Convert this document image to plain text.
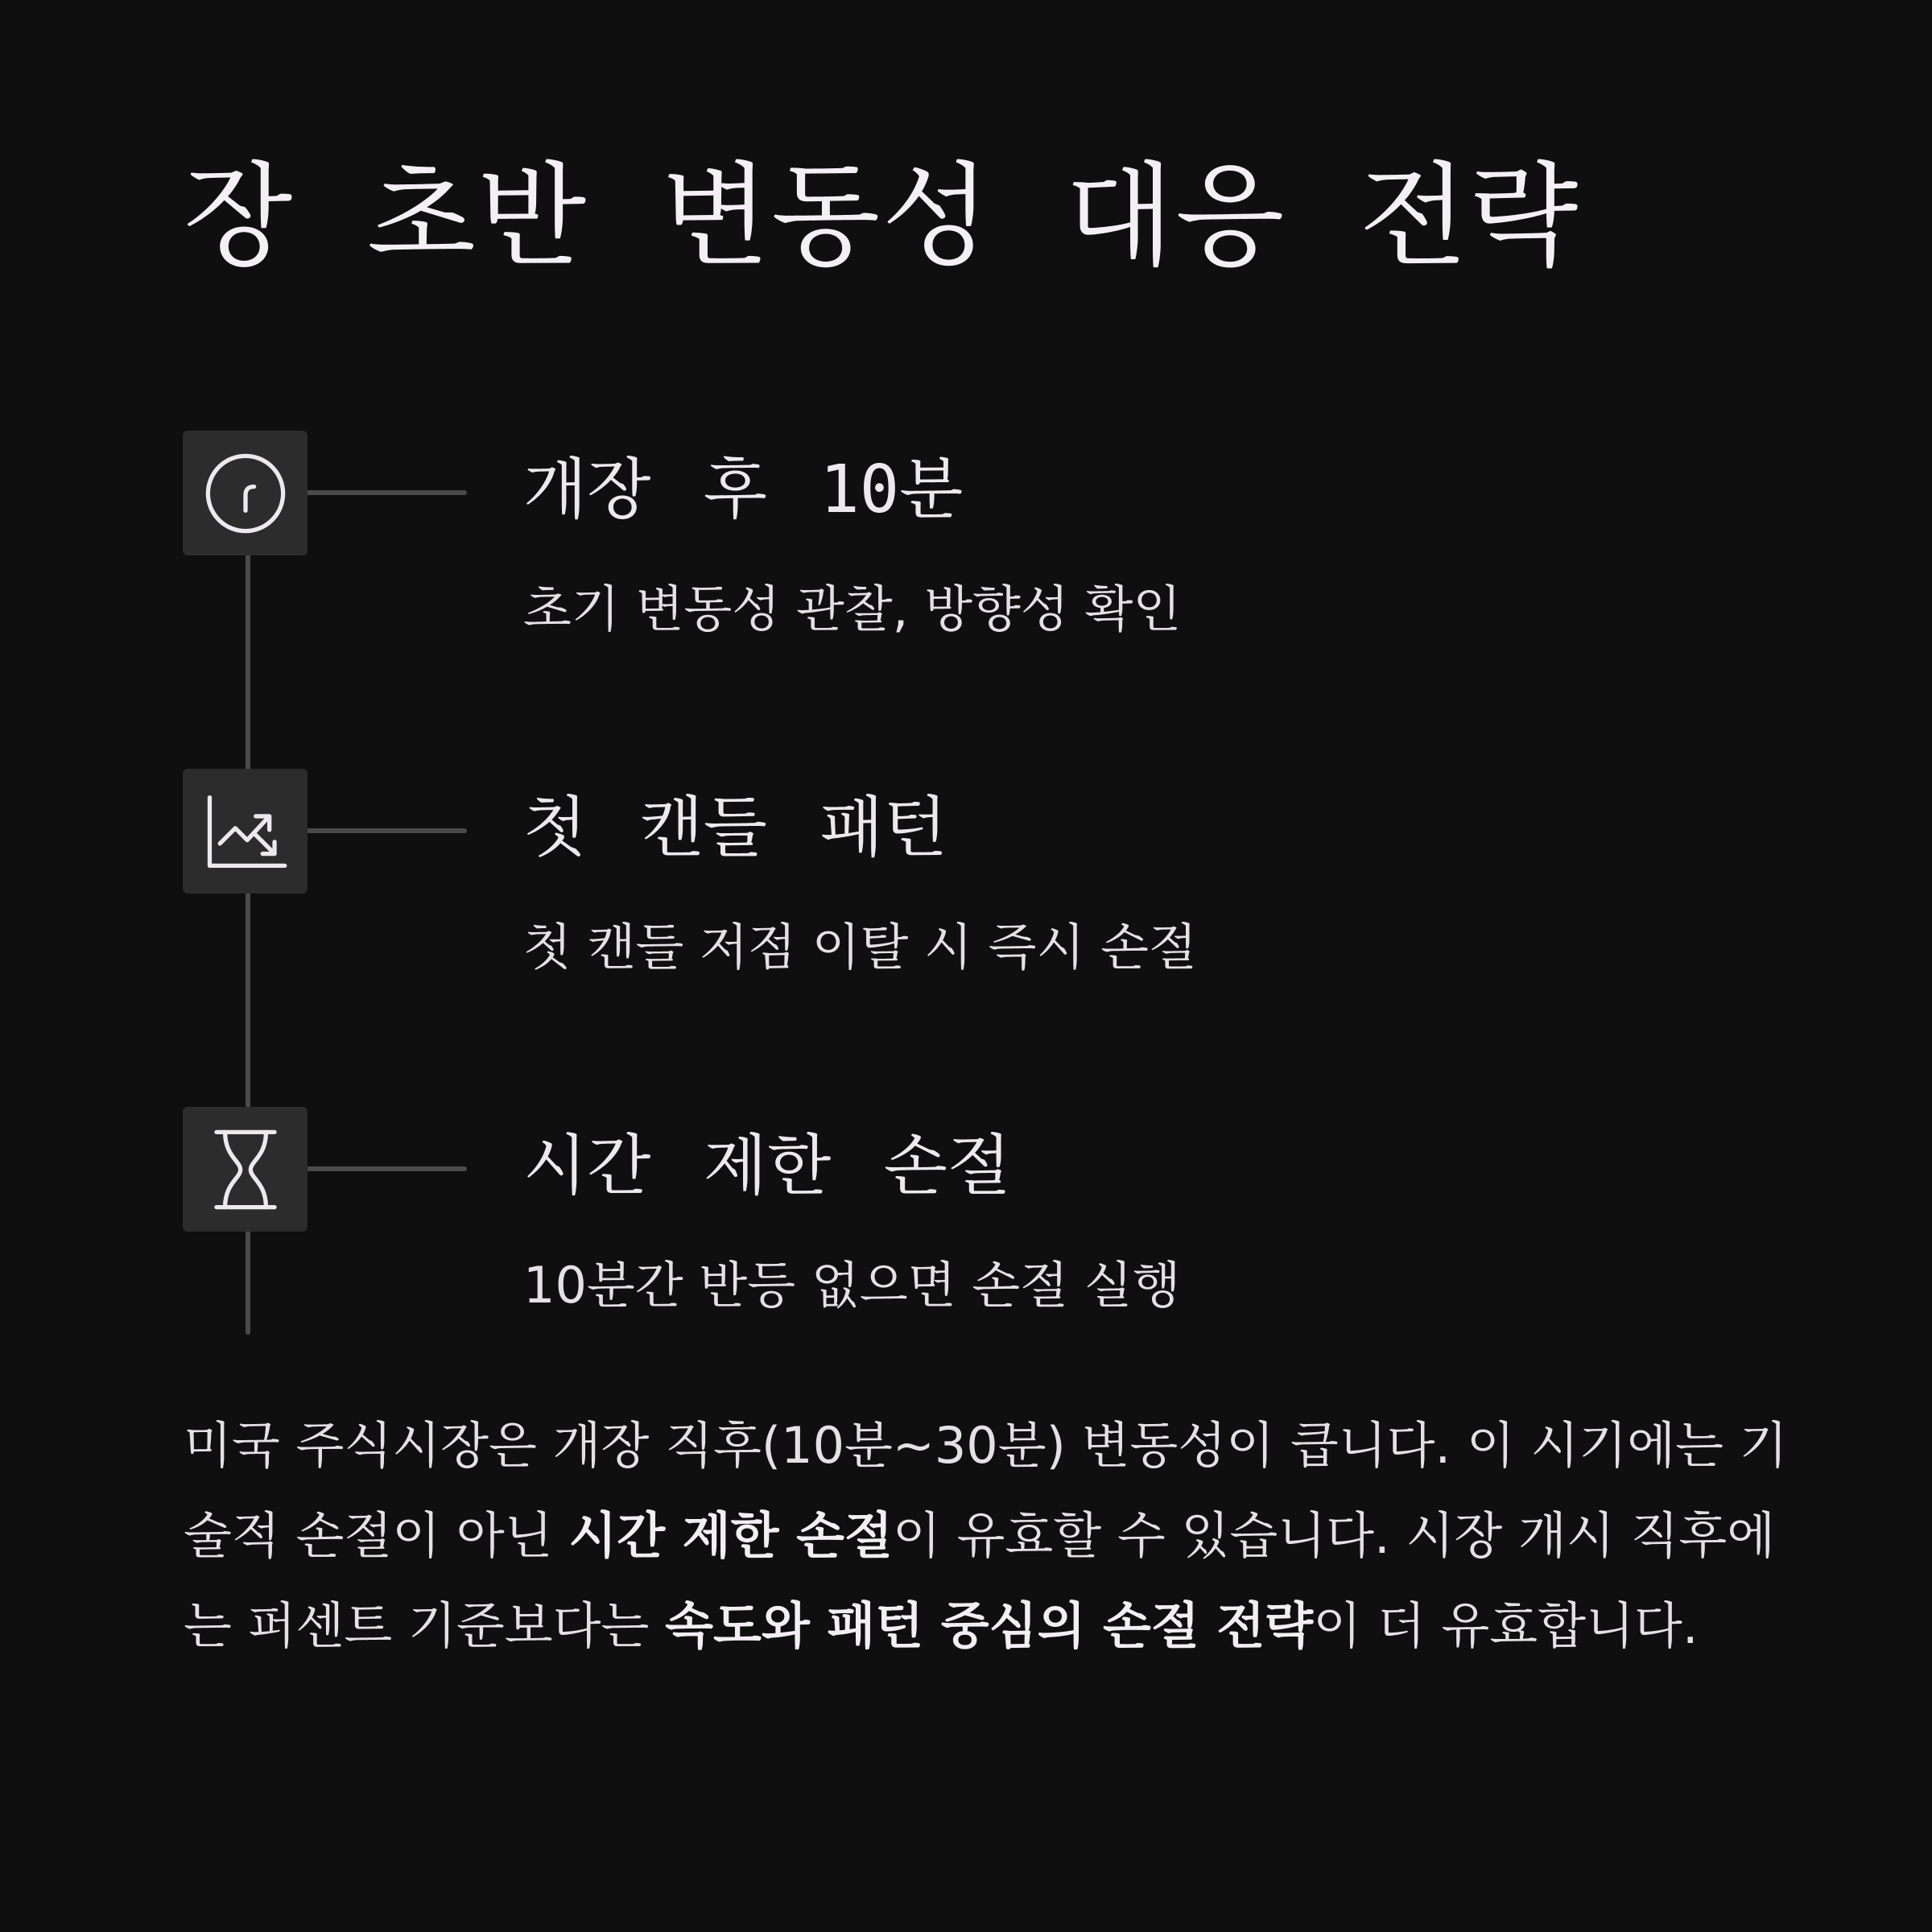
장 초반 변동성 대응 전략
개장 후 10분
초기 변동성 관찰, 방향성 확인
첫 캔들 패턴
첫 캔들 저점 이탈 시 즉시 손절
시간 제한 손절
10분간 반등 없으면 손절 실행
미국 주식시장은 개장 직후(10분~30분) 변동성이 큽니다. 이 시기에는 기술적 손절이 아닌 시간 제한 손절이 유효할 수 있습니다. 시장 개시 직후에는 퍼센트 기준보다는 속도와 패턴 중심의 손절 전략이 더 유효합니다.
